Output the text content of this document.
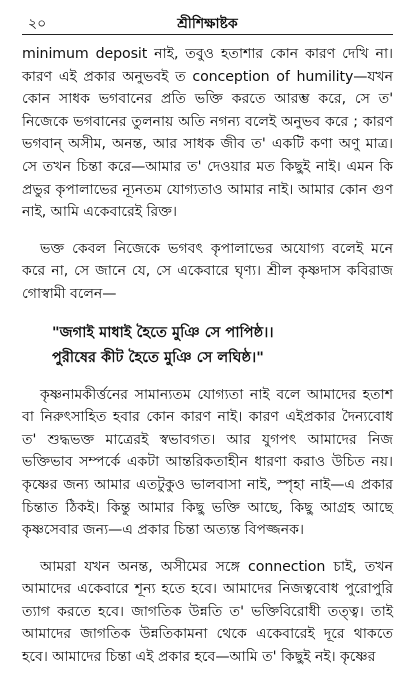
২০	শ্রীশিক্ষাষ্টক

minimum deposit নাই, তবুও হতাশার কোন কারণ দেখি না। কারণ এই প্রকার অনুভবই ত conception of humility—যখন কোন সাধক ভগবানের প্রতি ভক্তি করতে আরম্ভ করে, সে ত' নিজেকে ভগবানের তুলনায় অতি নগন্য বলেই অনুভব করে ; কারণ ভগবান্ অসীম, অনন্ত, আর সাধক জীব ত' একটি কণা অণু মাত্র। সে তখন চিন্তা করে—আমার ত' দেওয়ার মত কিছুই নাই। এমন কি প্রভুর কৃপালাভের ন্যূনতম যোগ্যতাও আমার নাই। আমার কোন গুণ নাই, আমি একেবারেই রিক্ত।

ভক্ত কেবল নিজেকে ভগবৎ কৃপালাভের অযোগ্য বলেই মনে করে না, সে জানে যে, সে একেবারে ঘৃণ্য। শ্রীল কৃষ্ণদাস কবিরাজ গোস্বামী বলেন—

"জগাই মাধাই হৈতে মুঞি সে পাপিষ্ঠ।।
পুরীষের কীট হৈতে মুঞি সে লঘিষ্ঠ।"

কৃষ্ণনামকীর্ত্তনের সামান্যতম যোগ্যতা নাই বলে আমাদের হতাশ বা নিরুৎসাহিত হবার কোন কারণ নাই। কারণ এইপ্রকার দৈন্যবোধ ত' শুদ্ধভক্ত মাত্রেরই স্বভাবগত। আর যুগপৎ আমাদের নিজ ভক্তিভাব সম্পর্কে একটা আন্তরিকতাহীন ধারণা করাও উচিত নয়। কৃষ্ণের জন্য আমার এতটুকুও ভালবাসা নাই, স্পৃহা নাই—এ প্রকার চিন্তাত ঠিকই। কিন্তু আমার কিছু ভক্তি আছে, কিছু আগ্রহ আছে কৃষ্ণসেবার জন্য—এ প্রকার চিন্তা অত্যন্ত বিপজ্জনক।

আমরা যখন অনন্ত, অসীমের সঙ্গে connection চাই, তখন আমাদের একেবারে শূন্য হতে হবে। আমাদের নিজত্ববোধ পুরোপুরি ত্যাগ করতে হবে। জাগতিক উন্নতি ত' ভক্তিবিরোধী তত্ত্ব। তাই আমাদের জাগতিক উন্নতিকামনা থেকে একেবারেই দূরে থাকতে হবে। আমাদের চিন্তা এই প্রকার হবে—আমি ত' কিছুই নই। কৃষ্ণের
